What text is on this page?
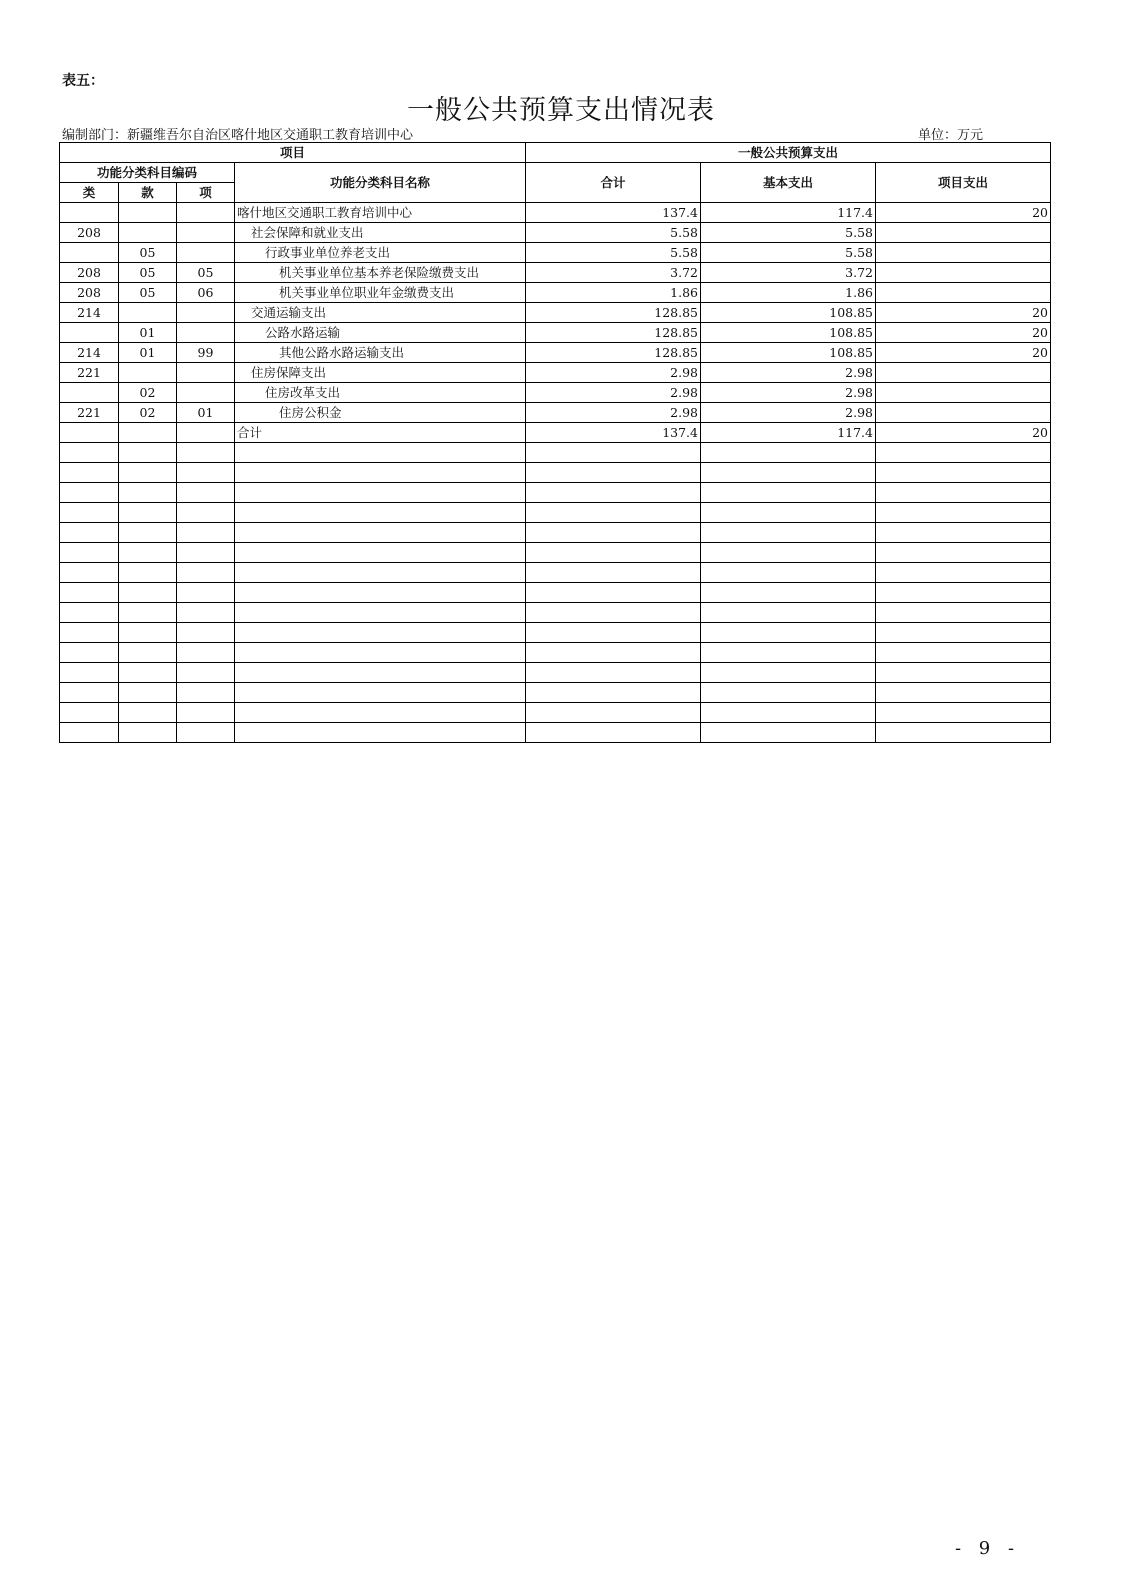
表五：
一般公共预算支出情况表
编制部门：新疆维吾尔自治区喀什地区交通职工教育培训中心	单位：万元
项目				一般公共预算支出		
功能分类科目编码			功能分类科目名称	合计	基本支出	项目支出
类	款	项				
			喀什地区交通职工教育培训中心	137.4	117.4	20
208			社会保障和就业支出	5.58	5.58	
	05		行政事业单位养老支出	5.58	5.58	
208	05	05	机关事业单位基本养老保险缴费支出	3.72	3.72	
208	05	06	机关事业单位职业年金缴费支出	1.86	1.86	
214			交通运输支出	128.85	108.85	20
	01		公路水路运输	128.85	108.85	20
214	01	99	其他公路水路运输支出	128.85	108.85	20
221			住房保障支出	2.98	2.98	
	02		住房改革支出	2.98	2.98	
221	02	01	住房公积金	2.98	2.98	
			合计	137.4	117.4	20

- 9 -
